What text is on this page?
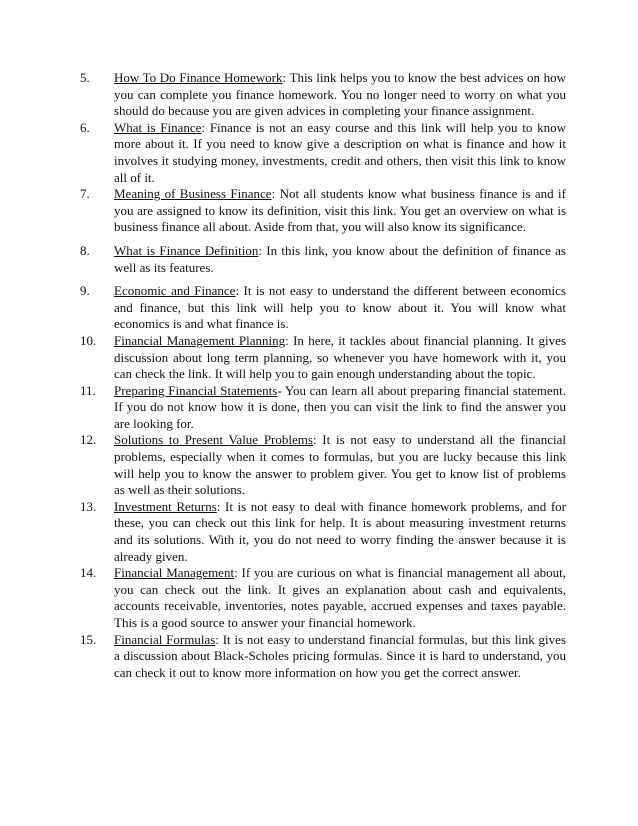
5.	How To Do Finance Homework: This link helps you to know the best advices on how you can complete you finance homework. You no longer need to worry on what you should do because you are given advices in completing your finance assignment.
6.	What is Finance: Finance is not an easy course and this link will help you to know more about it. If you need to know give a description on what is finance and how it involves it studying money, investments, credit and others, then visit this link to know all of it.
7.	Meaning of Business Finance: Not all students know what business finance is and if you are assigned to know its definition, visit this link. You get an overview on what is business finance all about. Aside from that, you will also know its significance.
8.	What is Finance Definition: In this link, you know about the definition of finance as well as its features.
9.	Economic and Finance: It is not easy to understand the different between economics and finance, but this link will help you to know about it. You will know what economics is and what finance is.
10.	Financial Management Planning: In here, it tackles about financial planning. It gives discussion about long term planning, so whenever you have homework with it, you can check the link. It will help you to gain enough understanding about the topic.
11.	Preparing Financial Statements- You can learn all about preparing financial statement. If you do not know how it is done, then you can visit the link to find the answer you are looking for.
12.	Solutions to Present Value Problems: It is not easy to understand all the financial problems, especially when it comes to formulas, but you are lucky because this link will help you to know the answer to problem giver. You get to know list of problems as well as their solutions.
13.	Investment Returns: It is not easy to deal with finance homework problems, and for these, you can check out this link for help. It is about measuring investment returns and its solutions. With it, you do not need to worry finding the answer because it is already given.
14.	Financial Management: If you are curious on what is financial management all about, you can check out the link. It gives an explanation about cash and equivalents, accounts receivable, inventories, notes payable, accrued expenses and taxes payable. This is a good source to answer your financial homework.
15.	Financial Formulas: It is not easy to understand financial formulas, but this link gives a discussion about Black-Scholes pricing formulas. Since it is hard to understand, you can check it out to know more information on how you get the correct answer.
